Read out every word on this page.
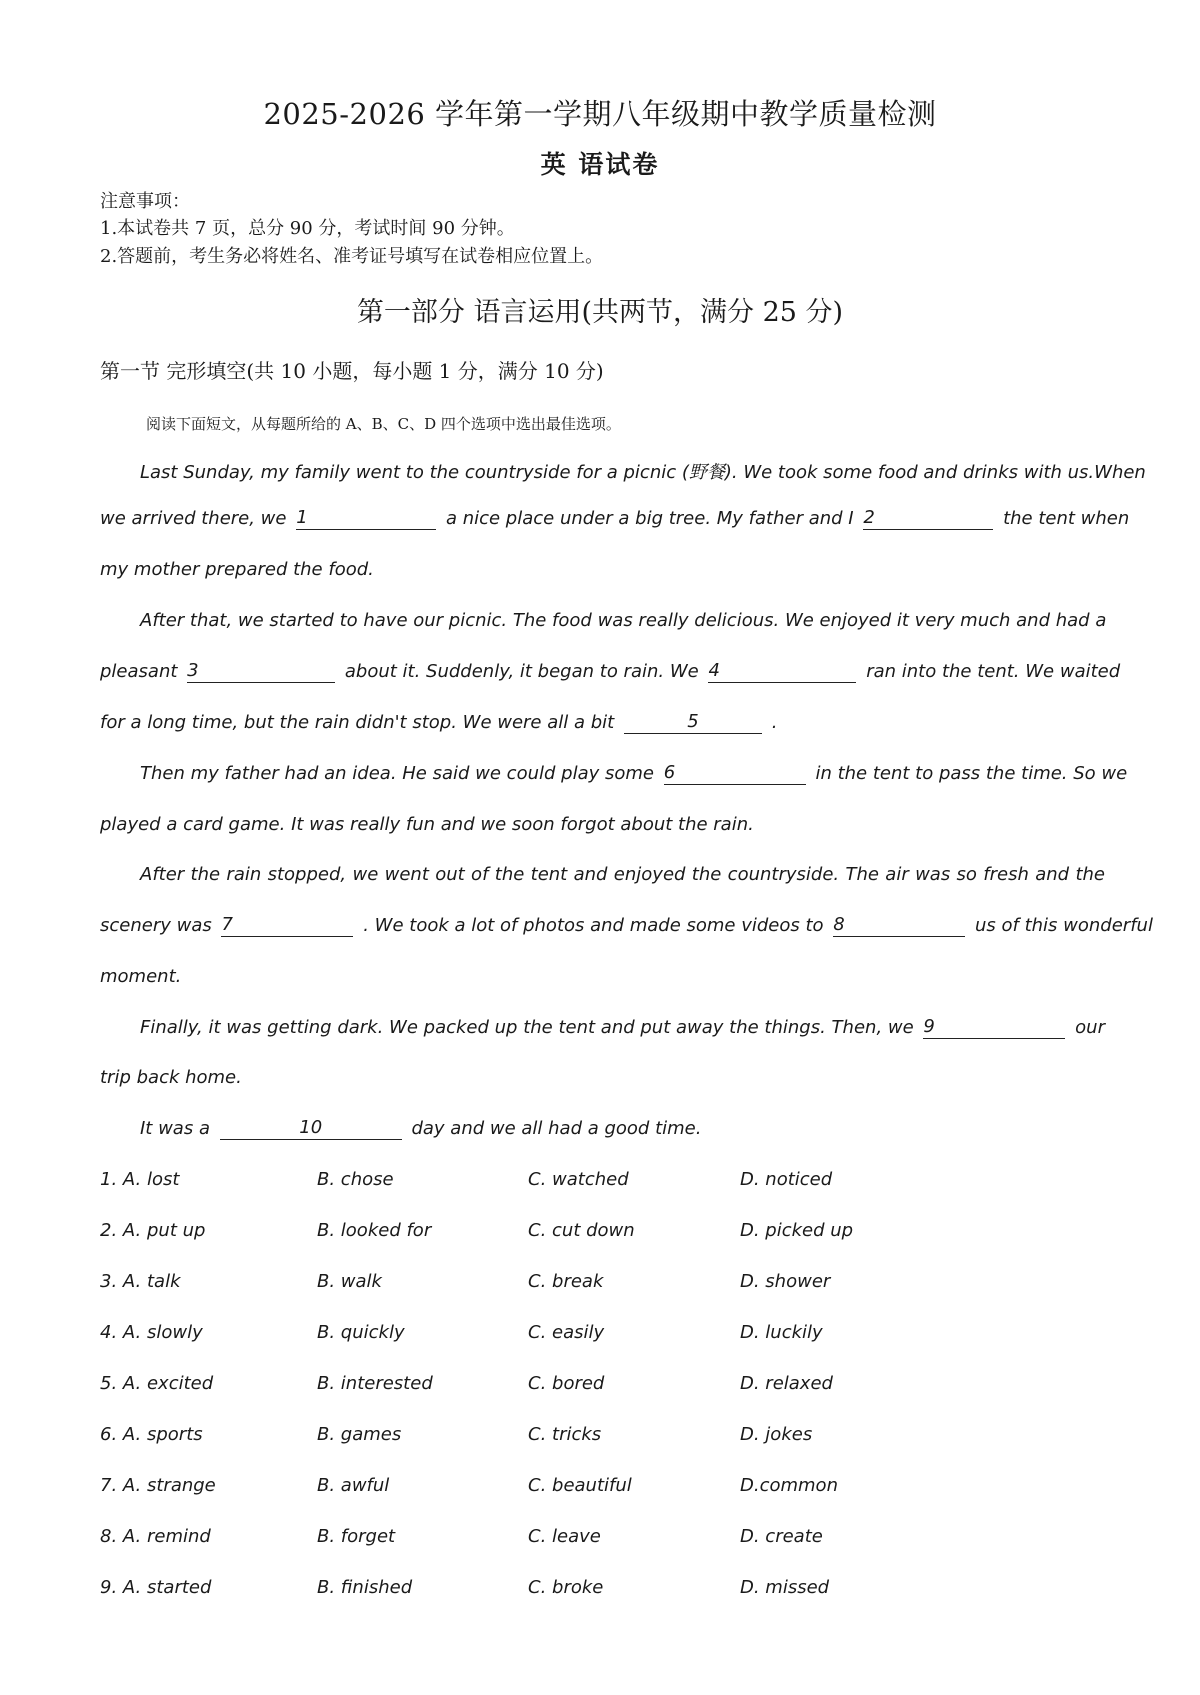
2025-2026 学年第一学期八年级期中教学质量检测
英 语试卷
注意事项：
1.本试卷共 7 页，总分 90 分，考试时间 90 分钟。
2.答题前，考生务必将姓名、准考证号填写在试卷相应位置上。
第一部分 语言运用(共两节，满分 25 分)
第一节 完形填空(共 10 小题，每小题 1 分，满分 10 分)
阅读下面短文，从每题所给的 A、B、C、D 四个选项中选出最佳选项。
Last Sunday, my family went to the countryside for a picnic (野餐). We took some food and drinks with us.When
we arrived there, we 1	a nice place under a big tree. My father and I 2	the tent when
my mother prepared the food.
After that, we started to have our picnic. The food was really delicious. We enjoyed it very much and had a
pleasant 3	about it. Suddenly, it began to rain. We 4	ran into the tent. We waited
for a long time, but the rain didn't stop. We were all a bit	5	.
Then my father had an idea. He said we could play some 6	in the tent to pass the time. So we
played a card game. It was really fun and we soon forgot about the rain.
After the rain stopped, we went out of the tent and enjoyed the countryside. The air was so fresh and the
scenery was 7	. We took a lot of photos and made some videos to 8	us of this wonderful
moment.
Finally, it was getting dark. We packed up the tent and put away the things. Then, we 9	our
trip back home.
It was a	10	day and we all had a good time.
1. A. lost	B. chose	C. watched	D. noticed
2. A. put up	B. looked for	C. cut down	D. picked up
3. A. talk	B. walk	C. break	D. shower
4. A. slowly	B. quickly	C. easily	D. luckily
5. A. excited	B. interested	C. bored	D. relaxed
6. A. sports	B. games	C. tricks	D. jokes
7. A. strange	B. awful	C. beautiful	D.common
8. A. remind	B. forget	C. leave	D. create
9. A. started	B. finished	C. broke	D. missed
